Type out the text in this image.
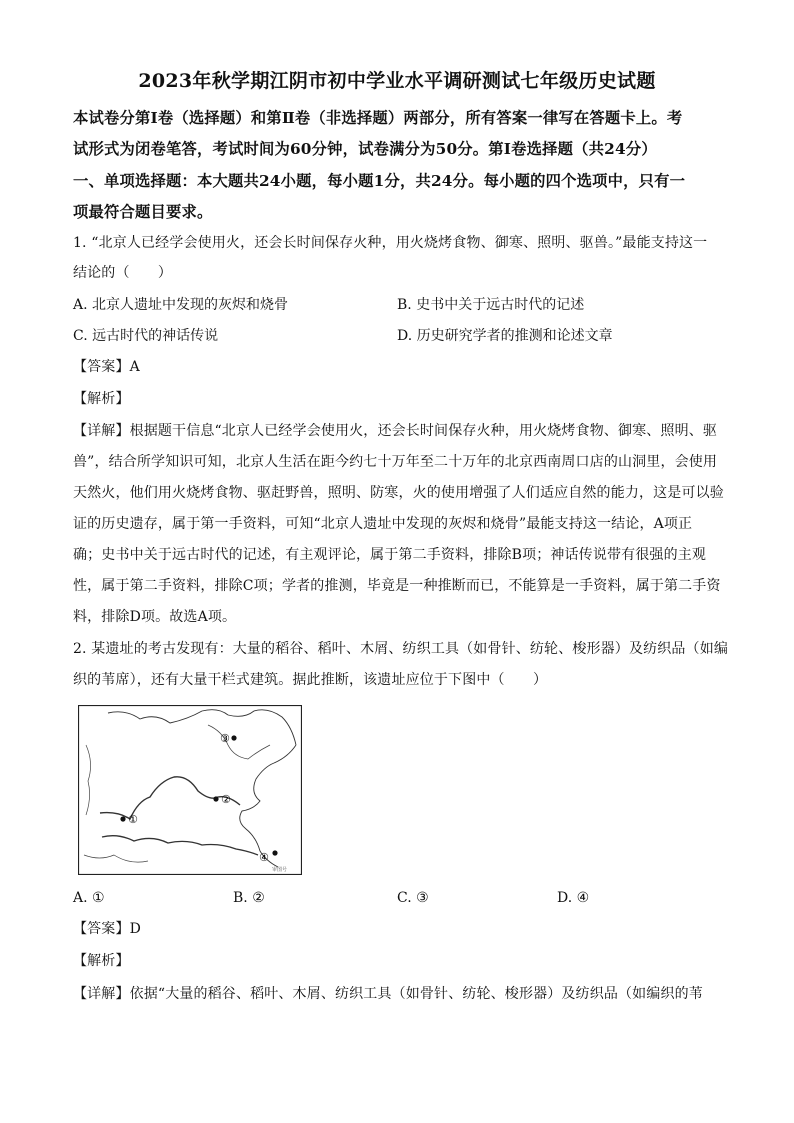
2023年秋学期江阴市初中学业水平调研测试七年级历史试题
本试卷分第Ⅰ卷（选择题）和第Ⅱ卷（非选择题）两部分，所有答案一律写在答题卡上。考
试形式为闭卷笔答，考试时间为60分钟，试卷满分为50分。第Ⅰ卷选择题（共24分）
一、单项选择题：本大题共24小题，每小题1分，共24分。每小题的四个选项中，只有一
项最符合题目要求。
1. “北京人已经学会使用火，还会长时间保存火种，用火烧烤食物、御寒、照明、驱兽。”最能支持这一
结论的（　　）
A. 北京人遗址中发现的灰烬和烧骨	B. 史书中关于远古时代的记述
C. 远古时代的神话传说	D. 历史研究学者的推测和论述文章
【答案】A
【解析】
【详解】根据题干信息“北京人已经学会使用火，还会长时间保存火种，用火烧烤食物、御寒、照明、驱
兽”，结合所学知识可知，北京人生活在距今约七十万年至二十万年的北京西南周口店的山洞里，会使用
天然火，他们用火烧烤食物、驱赶野兽，照明、防寒，火的使用增强了人们适应自然的能力，这是可以验
证的历史遗存，属于第一手资料，可知“北京人遗址中发现的灰烬和烧骨”最能支持这一结论，A项正
确；史书中关于远古时代的记述，有主观评论，属于第二手资料，排除B项；神话传说带有很强的主观
性，属于第二手资料，排除C项；学者的推测，毕竟是一种推断而已，不能算是一手资料，属于第二手资
料，排除D项。故选A项。
2. 某遗址的考古发现有：大量的稻谷、稻叶、木屑、纺织工具（如骨针、纺轮、梭形器）及纺织品（如编
织的苇席），还有大量干栏式建筑。据此推断，该遗址应位于下图中（　　）
③
②
①
④
审图号
A. ①	B. ②	C. ③	D. ④
【答案】D
【解析】
【详解】依据“大量的稻谷、稻叶、木屑、纺织工具（如骨针、纺轮、梭形器）及纺织品（如编织的苇
